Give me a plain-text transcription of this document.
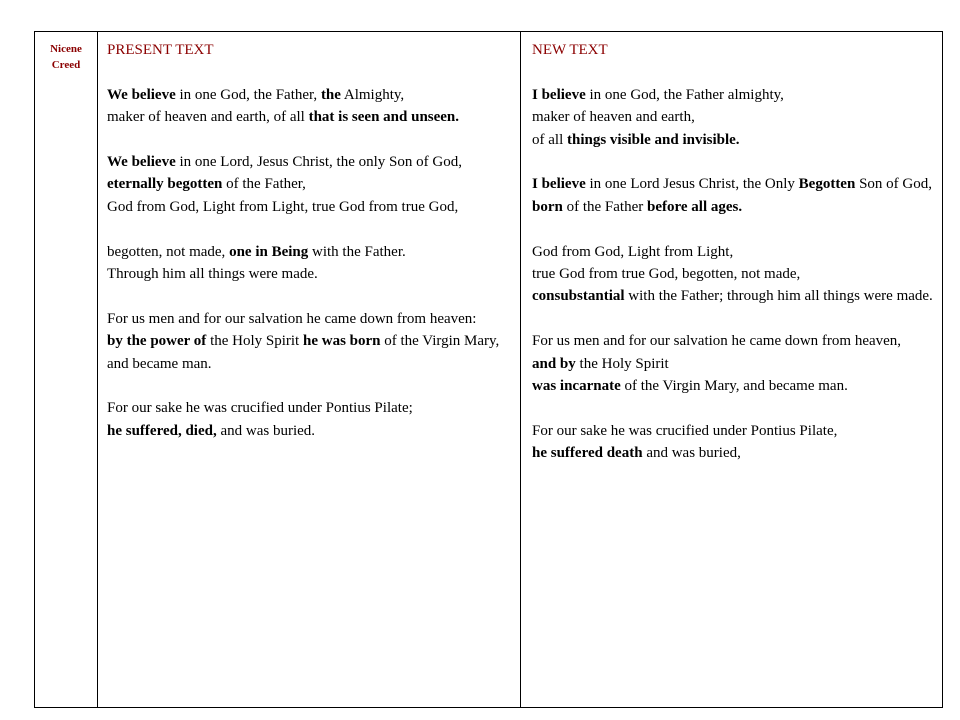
Nicene
Creed
PRESENT TEXT
We believe in one God, the Father, the Almighty,
maker of heaven and earth, of all that is seen and unseen.
We believe in one Lord, Jesus Christ, the only Son of God,
eternally begotten of the Father,
God from God, Light from Light, true God from true God,
begotten, not made, one in Being with the Father.
Through him all things were made.
For us men and for our salvation he came down from heaven:
by the power of the Holy Spirit he was born of the Virgin Mary,
and became man.
For our sake he was crucified under Pontius Pilate;
he suffered, died, and was buried.
NEW TEXT
I believe in one God, the Father almighty,
maker of heaven and earth,
of all things visible and invisible.
I believe in one Lord Jesus Christ, the Only Begotten Son of God,
born of the Father before all ages.
God from God, Light from Light,
true God from true God, begotten, not made,
consubstantial with the Father; through him all things were made.
For us men and for our salvation he came down from heaven,
and by the Holy Spirit
was incarnate of the Virgin Mary, and became man.
For our sake he was crucified under Pontius Pilate,
he suffered death and was buried,
